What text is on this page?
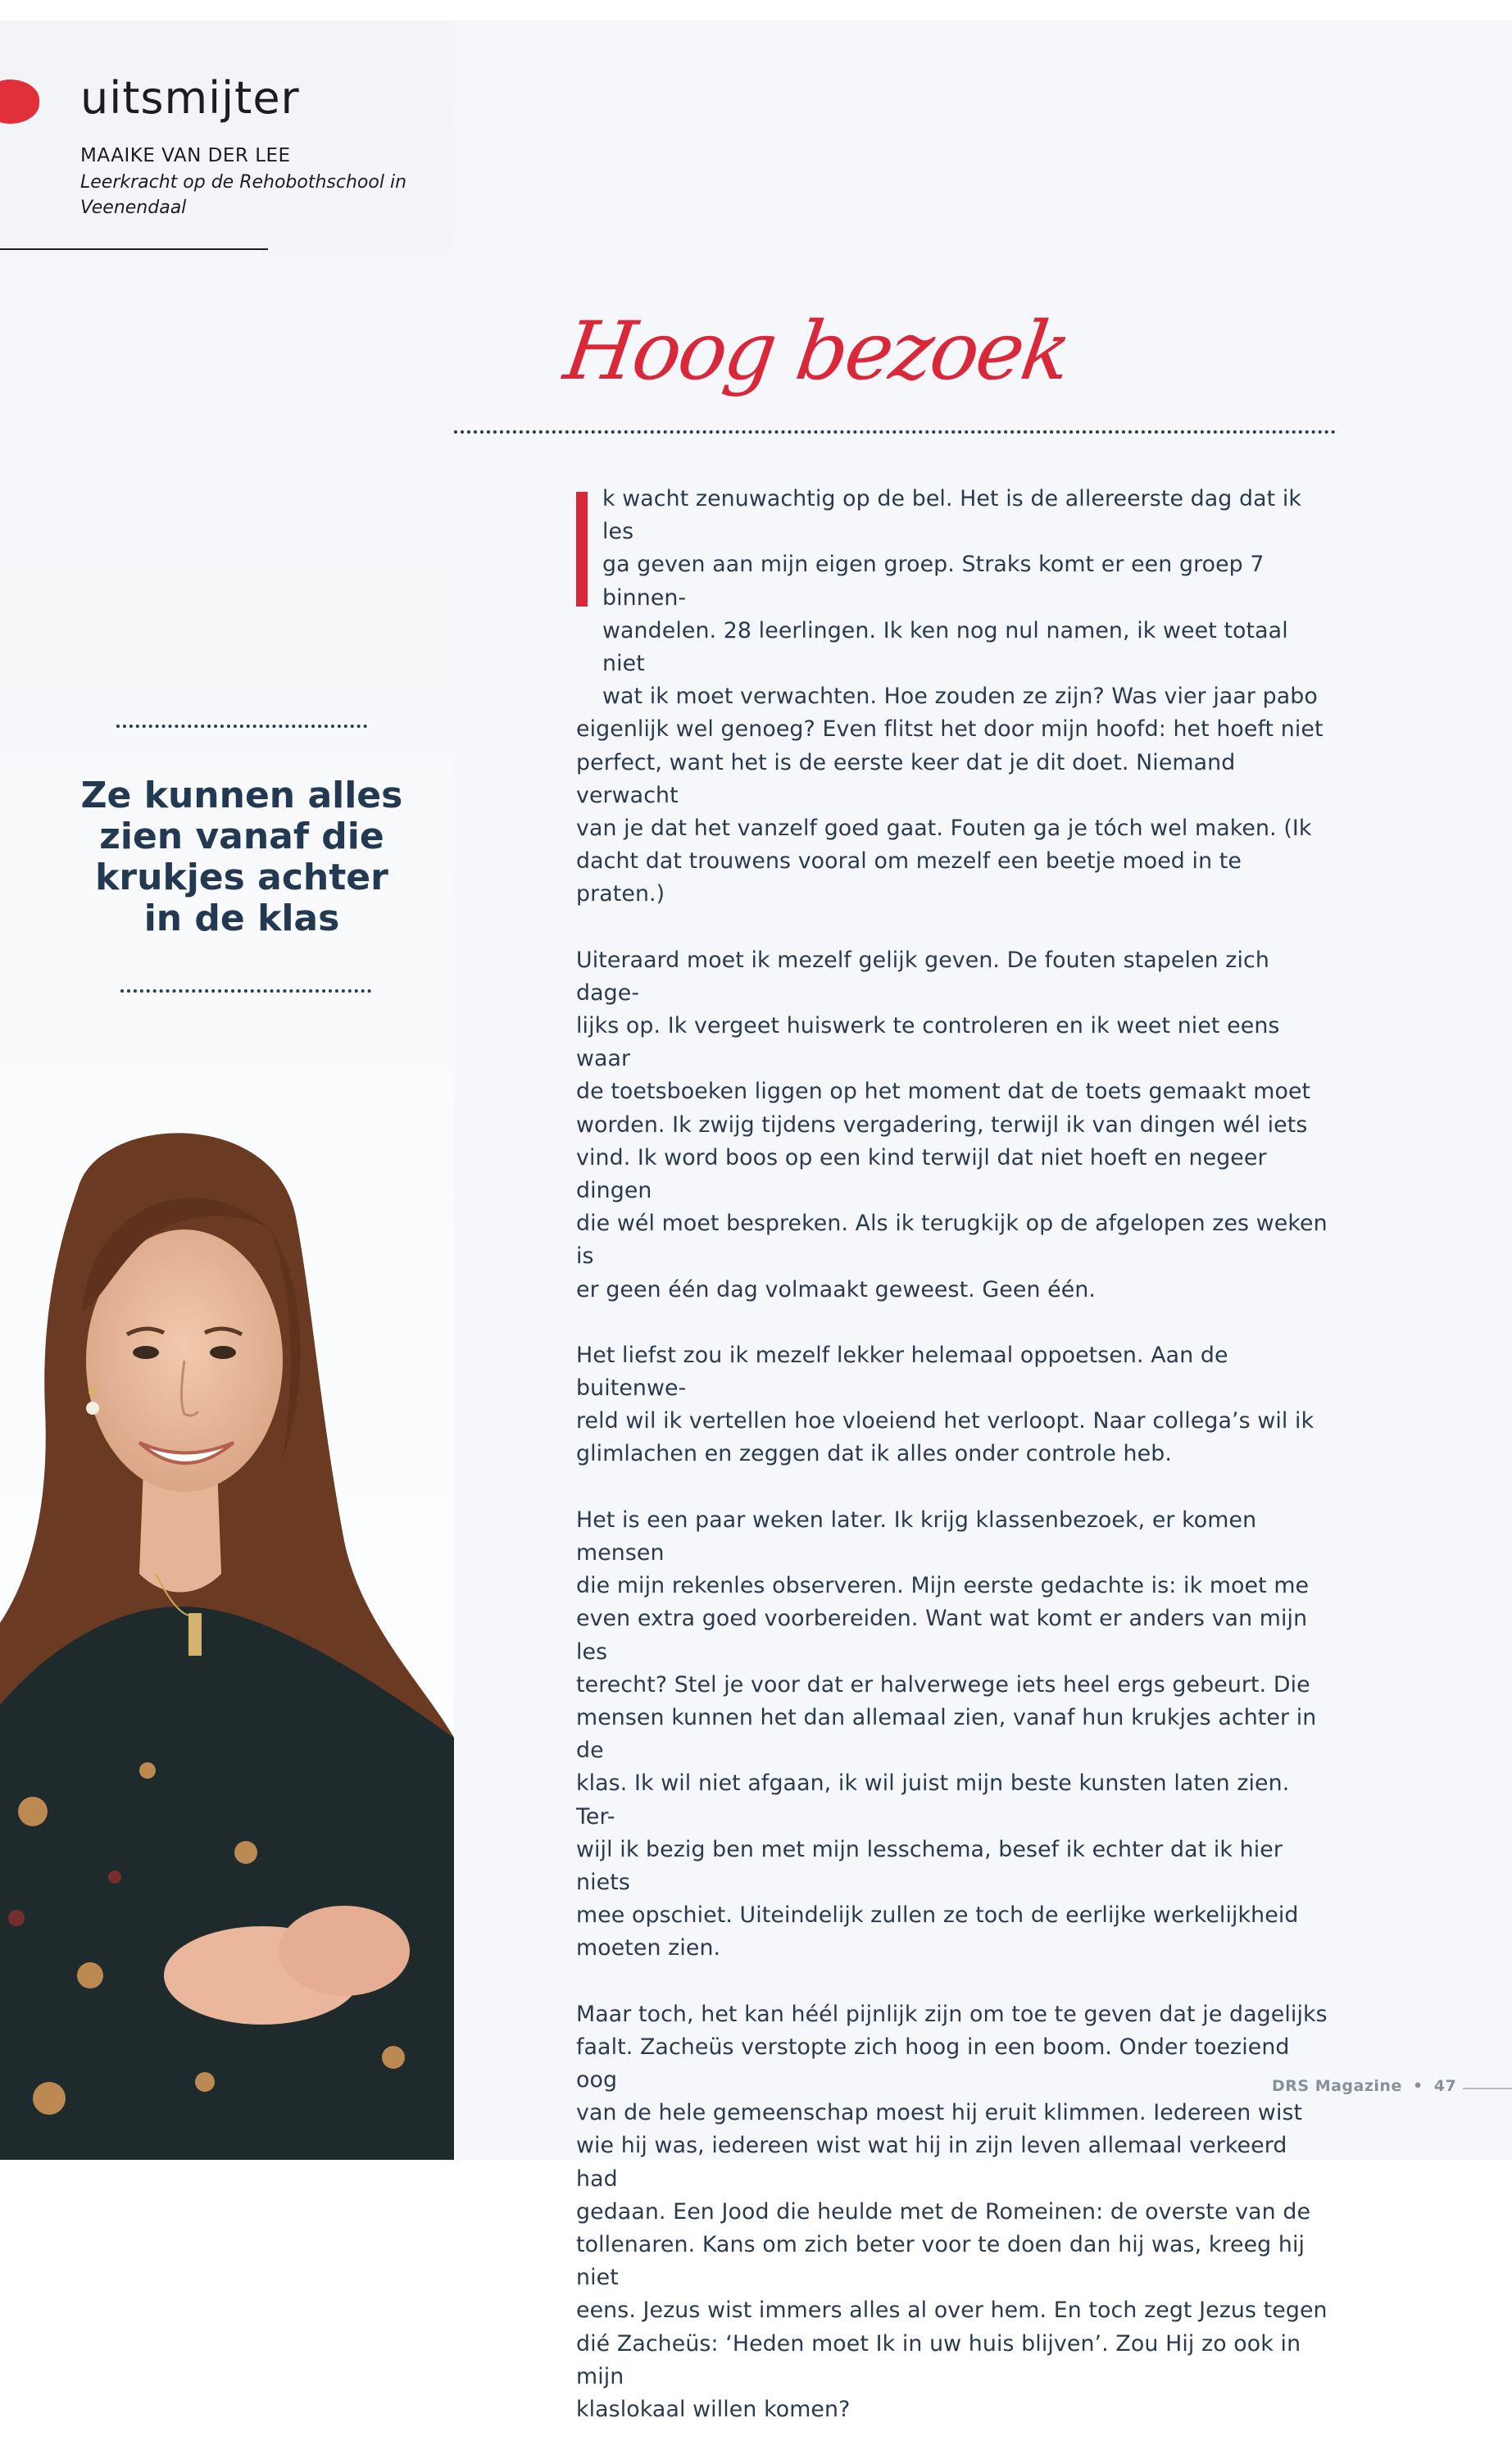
uitsmijter
MAAIKE VAN DER LEE
Leerkracht op de Rehobothschool in Veenendaal
Ze kunnen alles zien vanaf die krukjes achter in de klas
Hoog bezoek

k wacht zenuwachtig op de bel. Het is de allereerste dag dat ik les
ga geven aan mijn eigen groep. Straks komt er een groep 7 binnen-
wandelen. 28 leerlingen. Ik ken nog nul namen, ik weet totaal niet
wat ik moet verwachten. Hoe zouden ze zijn? Was vier jaar pabo
eigenlijk wel genoeg? Even flitst het door mijn hoofd: het hoeft niet
perfect, want het is de eerste keer dat je dit doet. Niemand verwacht
van je dat het vanzelf goed gaat. Fouten ga je tóch wel maken. (Ik
dacht dat trouwens vooral om mezelf een beetje moed in te praten.)

Uiteraard moet ik mezelf gelijk geven. De fouten stapelen zich dage-
lijks op. Ik vergeet huiswerk te controleren en ik weet niet eens waar
de toetsboeken liggen op het moment dat de toets gemaakt moet
worden. Ik zwijg tijdens vergadering, terwijl ik van dingen wél iets
vind. Ik word boos op een kind terwijl dat niet hoeft en negeer dingen
die wél moet bespreken. Als ik terugkijk op de afgelopen zes weken is
er geen één dag volmaakt geweest. Geen één.

Het liefst zou ik mezelf lekker helemaal oppoetsen. Aan de buitenwe-
reld wil ik vertellen hoe vloeiend het verloopt. Naar collega’s wil ik
glimlachen en zeggen dat ik alles onder controle heb.

Het is een paar weken later. Ik krijg klassenbezoek, er komen mensen
die mijn rekenles observeren. Mijn eerste gedachte is: ik moet me
even extra goed voorbereiden. Want wat komt er anders van mijn les
terecht? Stel je voor dat er halverwege iets heel ergs gebeurt. Die
mensen kunnen het dan allemaal zien, vanaf hun krukjes achter in de
klas. Ik wil niet afgaan, ik wil juist mijn beste kunsten laten zien. Ter-
wijl ik bezig ben met mijn lesschema, besef ik echter dat ik hier niets
mee opschiet. Uiteindelijk zullen ze toch de eerlijke werkelijkheid
moeten zien.

Maar toch, het kan héél pijnlijk zijn om toe te geven dat je dagelijks
faalt. Zacheüs verstopte zich hoog in een boom. Onder toeziend oog
van de hele gemeenschap moest hij eruit klimmen. Iedereen wist
wie hij was, iedereen wist wat hij in zijn leven allemaal verkeerd had
gedaan. Een Jood die heulde met de Romeinen: de overste van de
tollenaren. Kans om zich beter voor te doen dan hij was, kreeg hij niet
eens. Jezus wist immers alles al over hem. En toch zegt Jezus tegen
dié Zacheüs: ‘Heden moet Ik in uw huis blijven’. Zou Hij zo ook in mijn
klaslokaal willen komen?

DRS Magazine • 47
